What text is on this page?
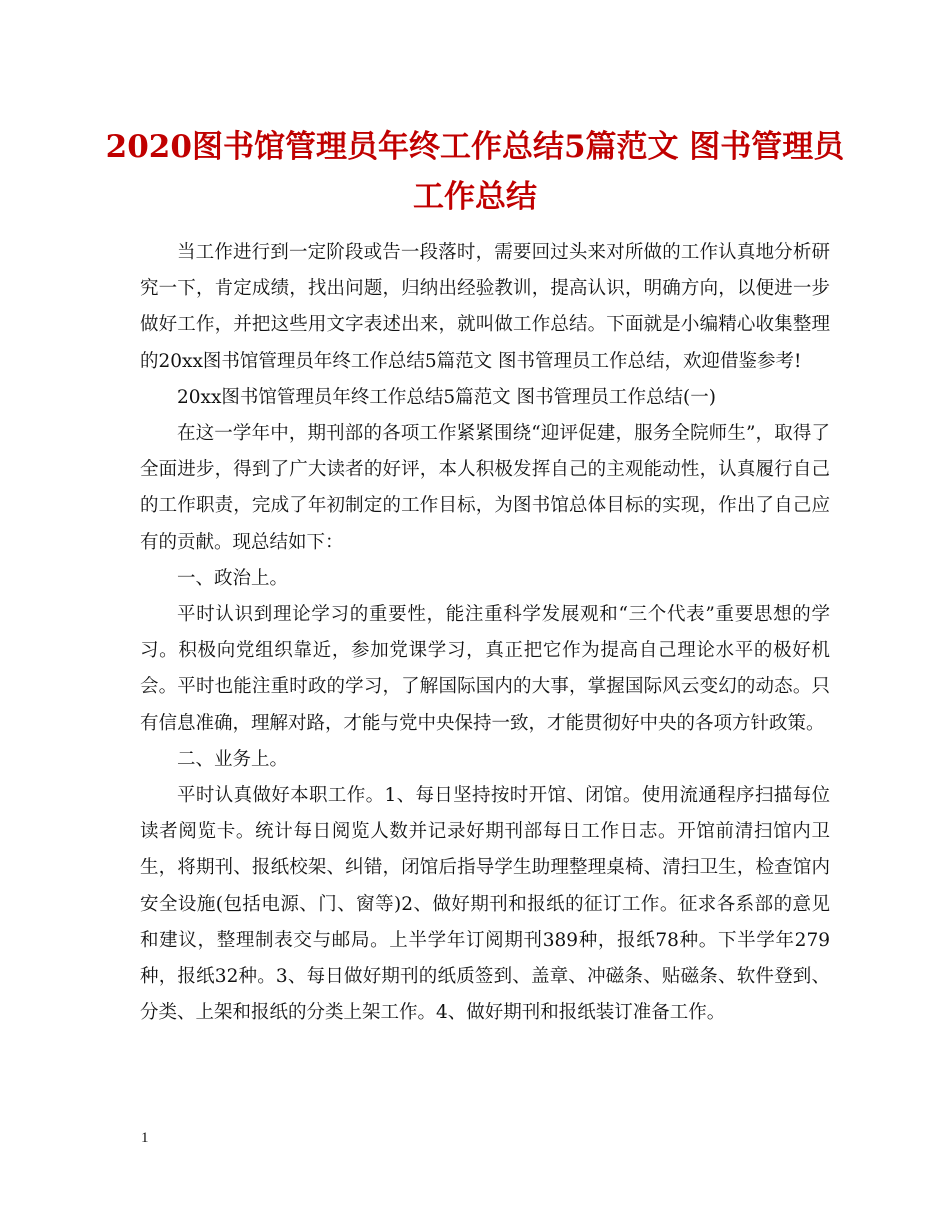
2020图书馆管理员年终工作总结5篇范文 图书管理员工作总结

当工作进行到一定阶段或告一段落时，需要回过头来对所做的工作认真地分析研究一下，肯定成绩，找出问题，归纳出经验教训，提高认识，明确方向，以便进一步做好工作，并把这些用文字表述出来，就叫做工作总结。下面就是小编精心收集整理的20xx图书馆管理员年终工作总结5篇范文 图书管理员工作总结，欢迎借鉴参考!

20xx图书馆管理员年终工作总结5篇范文 图书管理员工作总结(一)

在这一学年中，期刊部的各项工作紧紧围绕“迎评促建，服务全院师生”，取得了全面进步，得到了广大读者的好评，本人积极发挥自己的主观能动性，认真履行自己的工作职责，完成了年初制定的工作目标，为图书馆总体目标的实现，作出了自己应有的贡献。现总结如下：

一、政治上。

平时认识到理论学习的重要性，能注重科学发展观和“三个代表”重要思想的学习。积极向党组织靠近，参加党课学习，真正把它作为提高自己理论水平的极好机会。平时也能注重时政的学习，了解国际国内的大事，掌握国际风云变幻的动态。只有信息准确，理解对路，才能与党中央保持一致，才能贯彻好中央的各项方针政策。

二、业务上。

平时认真做好本职工作。1、每日坚持按时开馆、闭馆。使用流通程序扫描每位读者阅览卡。统计每日阅览人数并记录好期刊部每日工作日志。开馆前清扫馆内卫生，将期刊、报纸校架、纠错，闭馆后指导学生助理整理桌椅、清扫卫生，检查馆内安全设施(包括电源、门、窗等)2、做好期刊和报纸的征订工作。征求各系部的意见和建议，整理制表交与邮局。上半学年订阅期刊389种，报纸78种。下半学年279种，报纸32种。3、每日做好期刊的纸质签到、盖章、冲磁条、贴磁条、软件登到、分类、上架和报纸的分类上架工作。4、做好期刊和报纸装订准备工作。

1
